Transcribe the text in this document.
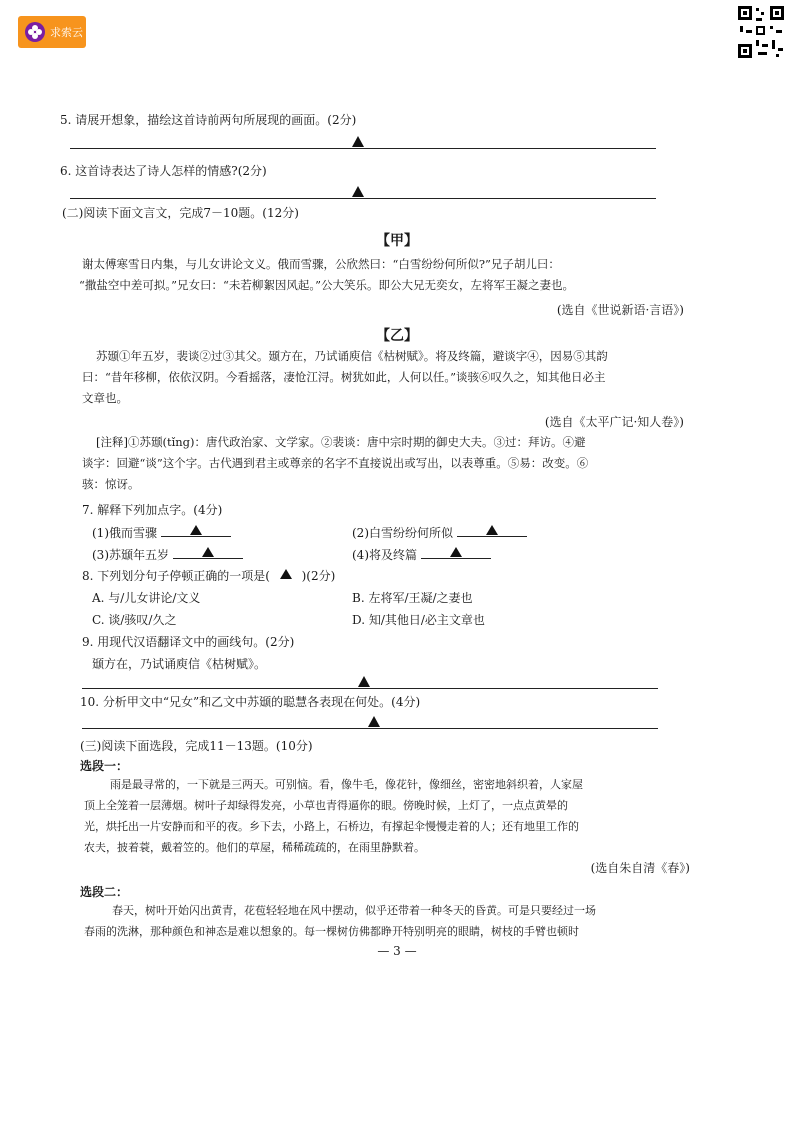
求索云
5. 请展开想象，描绘这首诗前两句所展现的画面。(2分)
6. 这首诗表达了诗人怎样的情感?(2分)
(二)阅读下面文言文，完成7－10题。(12分)
【甲】
谢太傅寒雪日内集，与儿女讲论文义。俄而雪骤，公欣然曰：“白雪纷纷何所似?”兄子胡儿曰：
“撒盐空中差可拟。”兄女曰：“未若柳絮因风起。”公大笑乐。即公大兄无奕女，左将军王凝之妻也。
(选自《世说新语·言语》)
【乙】
苏颋①年五岁，裴谈②过③其父。颋方在，乃试诵庾信《枯树赋》。将及终篇，避谈字④，因易⑤其韵
曰：“昔年移柳，依依汉阴。今看摇落，凄怆江浔。树犹如此，人何以任。”谈骇⑥叹久之，知其他日必主
文章也。
(选自《太平广记·知人卷》)
[注释]①苏颋(tǐng)：唐代政治家、文学家。②裴谈：唐中宗时期的御史大夫。③过：拜访。④避
谈字：回避“谈”这个字。古代遇到君主或尊亲的名字不直接说出或写出，以表尊重。⑤易：改变。⑥
骇：惊讶。
7. 解释下列加点字。(4分)
(1)俄而雪骤	(2)白雪纷纷何所似
(3)苏颋年五岁	(4)将及终篇
8. 下列划分句子停顿正确的一项是(	)(2分)
A. 与/儿女讲论/文义	B. 左将军/王凝/之妻也
C. 谈/骇叹/久之	D. 知/其他日/必主文章也
9. 用现代汉语翻译文中的画线句。(2分)
颋方在，乃试诵庾信《枯树赋》。
10. 分析甲文中“兄女”和乙文中苏颋的聪慧各表现在何处。(4分)
(三)阅读下面选段，完成11－13题。(10分)
选段一：
雨是最寻常的，一下就是三两天。可别恼。看，像牛毛，像花针，像细丝，密密地斜织着，人家屋
顶上全笼着一层薄烟。树叶子却绿得发亮，小草也青得逼你的眼。傍晚时候，上灯了，一点点黄晕的
光，烘托出一片安静而和平的夜。乡下去，小路上，石桥边，有撑起伞慢慢走着的人；还有地里工作的
农夫，披着蓑，戴着笠的。他们的草屋，稀稀疏疏的，在雨里静默着。
(选自朱自清《春》)
选段二：
春天，树叶开始闪出黄青，花苞轻轻地在风中摆动，似乎还带着一种冬天的昏黄。可是只要经过一场
春雨的洗淋，那种颜色和神态是难以想象的。每一棵树仿佛都睁开特别明亮的眼睛，树枝的手臂也顿时
— 3 —
